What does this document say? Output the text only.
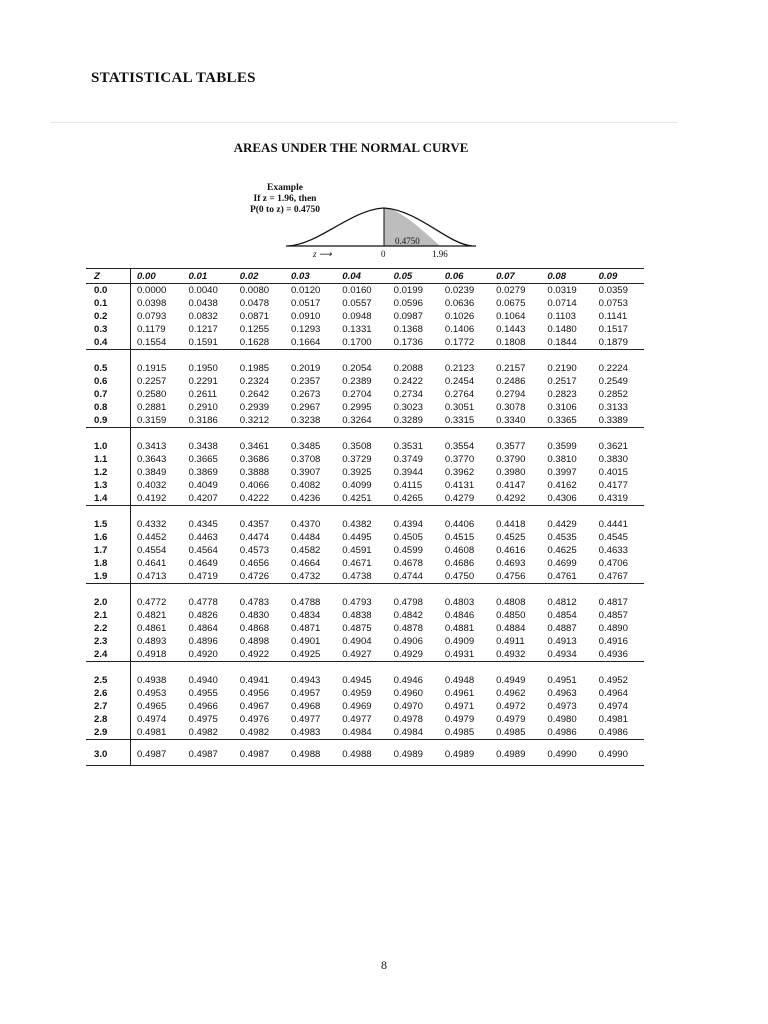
STATISTICAL TABLES
AREAS UNDER THE NORMAL CURVE
Example
If z = 1.96, then
P(0 to z) = 0.4750
0.4750
z ⟶	0	1.96
Z	0.00	0.01	0.02	0.03	0.04	0.05	0.06	0.07	0.08	0.09
0.0	0.0000	0.0040	0.0080	0.0120	0.0160	0.0199	0.0239	0.0279	0.0319	0.0359
0.1	0.0398	0.0438	0.0478	0.0517	0.0557	0.0596	0.0636	0.0675	0.0714	0.0753
0.2	0.0793	0.0832	0.0871	0.0910	0.0948	0.0987	0.1026	0.1064	0.1103	0.1141
0.3	0.1179	0.1217	0.1255	0.1293	0.1331	0.1368	0.1406	0.1443	0.1480	0.1517
0.4	0.1554	0.1591	0.1628	0.1664	0.1700	0.1736	0.1772	0.1808	0.1844	0.1879
0.5	0.1915	0.1950	0.1985	0.2019	0.2054	0.2088	0.2123	0.2157	0.2190	0.2224
0.6	0.2257	0.2291	0.2324	0.2357	0.2389	0.2422	0.2454	0.2486	0.2517	0.2549
0.7	0.2580	0.2611	0.2642	0.2673	0.2704	0.2734	0.2764	0.2794	0.2823	0.2852
0.8	0.2881	0.2910	0.2939	0.2967	0.2995	0.3023	0.3051	0.3078	0.3106	0.3133
0.9	0.3159	0.3186	0.3212	0.3238	0.3264	0.3289	0.3315	0.3340	0.3365	0.3389
1.0	0.3413	0.3438	0.3461	0.3485	0.3508	0.3531	0.3554	0.3577	0.3599	0.3621
1.1	0.3643	0.3665	0.3686	0.3708	0.3729	0.3749	0.3770	0.3790	0.3810	0.3830
1.2	0.3849	0.3869	0.3888	0.3907	0.3925	0.3944	0.3962	0.3980	0.3997	0.4015
1.3	0.4032	0.4049	0.4066	0.4082	0.4099	0.4115	0.4131	0.4147	0.4162	0.4177
1.4	0.4192	0.4207	0.4222	0.4236	0.4251	0.4265	0.4279	0.4292	0.4306	0.4319
1.5	0.4332	0.4345	0.4357	0.4370	0.4382	0.4394	0.4406	0.4418	0.4429	0.4441
1.6	0.4452	0.4463	0.4474	0.4484	0.4495	0.4505	0.4515	0.4525	0.4535	0.4545
1.7	0.4554	0.4564	0.4573	0.4582	0.4591	0.4599	0.4608	0.4616	0.4625	0.4633
1.8	0.4641	0.4649	0.4656	0.4664	0.4671	0.4678	0.4686	0.4693	0.4699	0.4706
1.9	0.4713	0.4719	0.4726	0.4732	0.4738	0.4744	0.4750	0.4756	0.4761	0.4767
2.0	0.4772	0.4778	0.4783	0.4788	0.4793	0.4798	0.4803	0.4808	0.4812	0.4817
2.1	0.4821	0.4826	0.4830	0.4834	0.4838	0.4842	0.4846	0.4850	0.4854	0.4857
2.2	0.4861	0.4864	0.4868	0.4871	0.4875	0.4878	0.4881	0.4884	0.4887	0.4890
2.3	0.4893	0.4896	0.4898	0.4901	0.4904	0.4906	0.4909	0.4911	0.4913	0.4916
2.4	0.4918	0.4920	0.4922	0.4925	0.4927	0.4929	0.4931	0.4932	0.4934	0.4936
2.5	0.4938	0.4940	0.4941	0.4943	0.4945	0.4946	0.4948	0.4949	0.4951	0.4952
2.6	0.4953	0.4955	0.4956	0.4957	0.4959	0.4960	0.4961	0.4962	0.4963	0.4964
2.7	0.4965	0.4966	0.4967	0.4968	0.4969	0.4970	0.4971	0.4972	0.4973	0.4974
2.8	0.4974	0.4975	0.4976	0.4977	0.4977	0.4978	0.4979	0.4979	0.4980	0.4981
2.9	0.4981	0.4982	0.4982	0.4983	0.4984	0.4984	0.4985	0.4985	0.4986	0.4986
3.0	0.4987	0.4987	0.4987	0.4988	0.4988	0.4989	0.4989	0.4989	0.4990	0.4990
8
